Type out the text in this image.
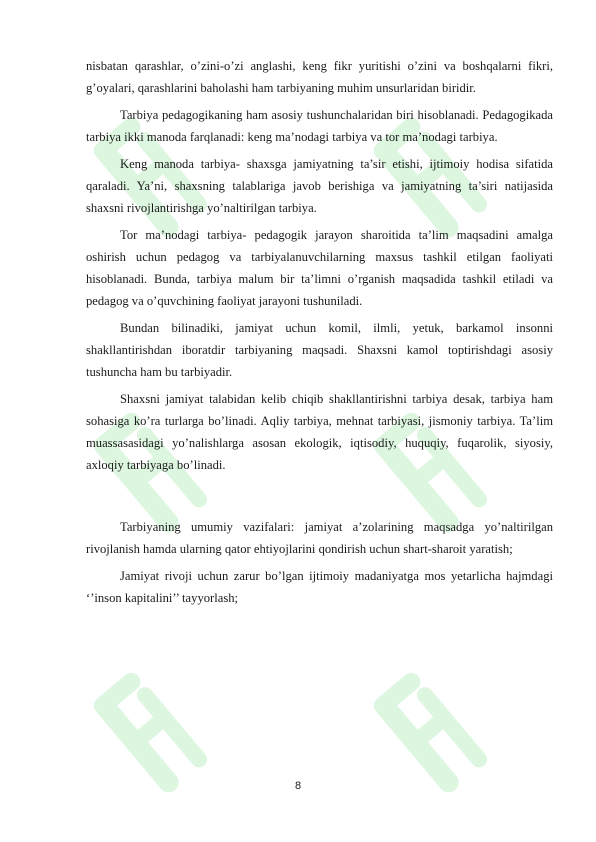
nisbatan qarashlar, o’zini-o’zi anglashi, keng fikr yuritishi o’zini va boshqalarni fikri, g’oyalari, qarashlarini baholashi ham tarbiyaning muhim unsurlaridan biridir.

Tarbiya pedagogikaning ham asosiy tushunchalaridan biri hisoblanadi. Pedagogikada tarbiya ikki manoda farqlanadi: keng ma’nodagi tarbiya va tor ma’nodagi tarbiya.

Keng manoda tarbiya- shaxsga jamiyatning ta’sir etishi, ijtimoiy hodisa sifatida qaraladi. Ya’ni, shaxsning talablariga javob berishiga va jamiyatning ta’siri natijasida shaxsni rivojlantirishga yo’naltirilgan tarbiya.

Tor ma’nodagi tarbiya- pedagogik jarayon sharoitida ta’lim maqsadini amalga oshirish uchun pedagog va tarbiyalanuvchilarning maxsus tashkil etilgan faoliyati hisoblanadi. Bunda, tarbiya malum bir ta’limni o’rganish maqsadida tashkil etiladi va pedagog va o’quvchining faoliyat jarayoni tushuniladi.

Bundan bilinadiki, jamiyat uchun komil, ilmli, yetuk, barkamol insonni shakllantirishdan iboratdir tarbiyaning maqsadi. Shaxsni kamol toptirishdagi asosiy tushuncha ham bu tarbiyadir.

Shaxsni jamiyat talabidan kelib chiqib shakllantirishni tarbiya desak, tarbiya ham sohasiga ko’ra turlarga bo’linadi. Aqliy tarbiya, mehnat tarbiyasi, jismoniy tarbiya. Ta’lim muassasasidagi yo’nalishlarga asosan ekologik, iqtisodiy, huquqiy, fuqarolik, siyosiy, axloqiy tarbiyaga bo’linadi.

Tarbiyaning umumiy vazifalari: jamiyat a’zolarining maqsadga yo’naltirilgan rivojlanish hamda ularning qator ehtiyojlarini qondirish uchun shart-sharoit yaratish;

Jamiyat rivoji uchun zarur bo’lgan ijtimoiy madaniyatga mos yetarlicha hajmdagi ‘’inson kapitalini’’ tayyorlash;

8
